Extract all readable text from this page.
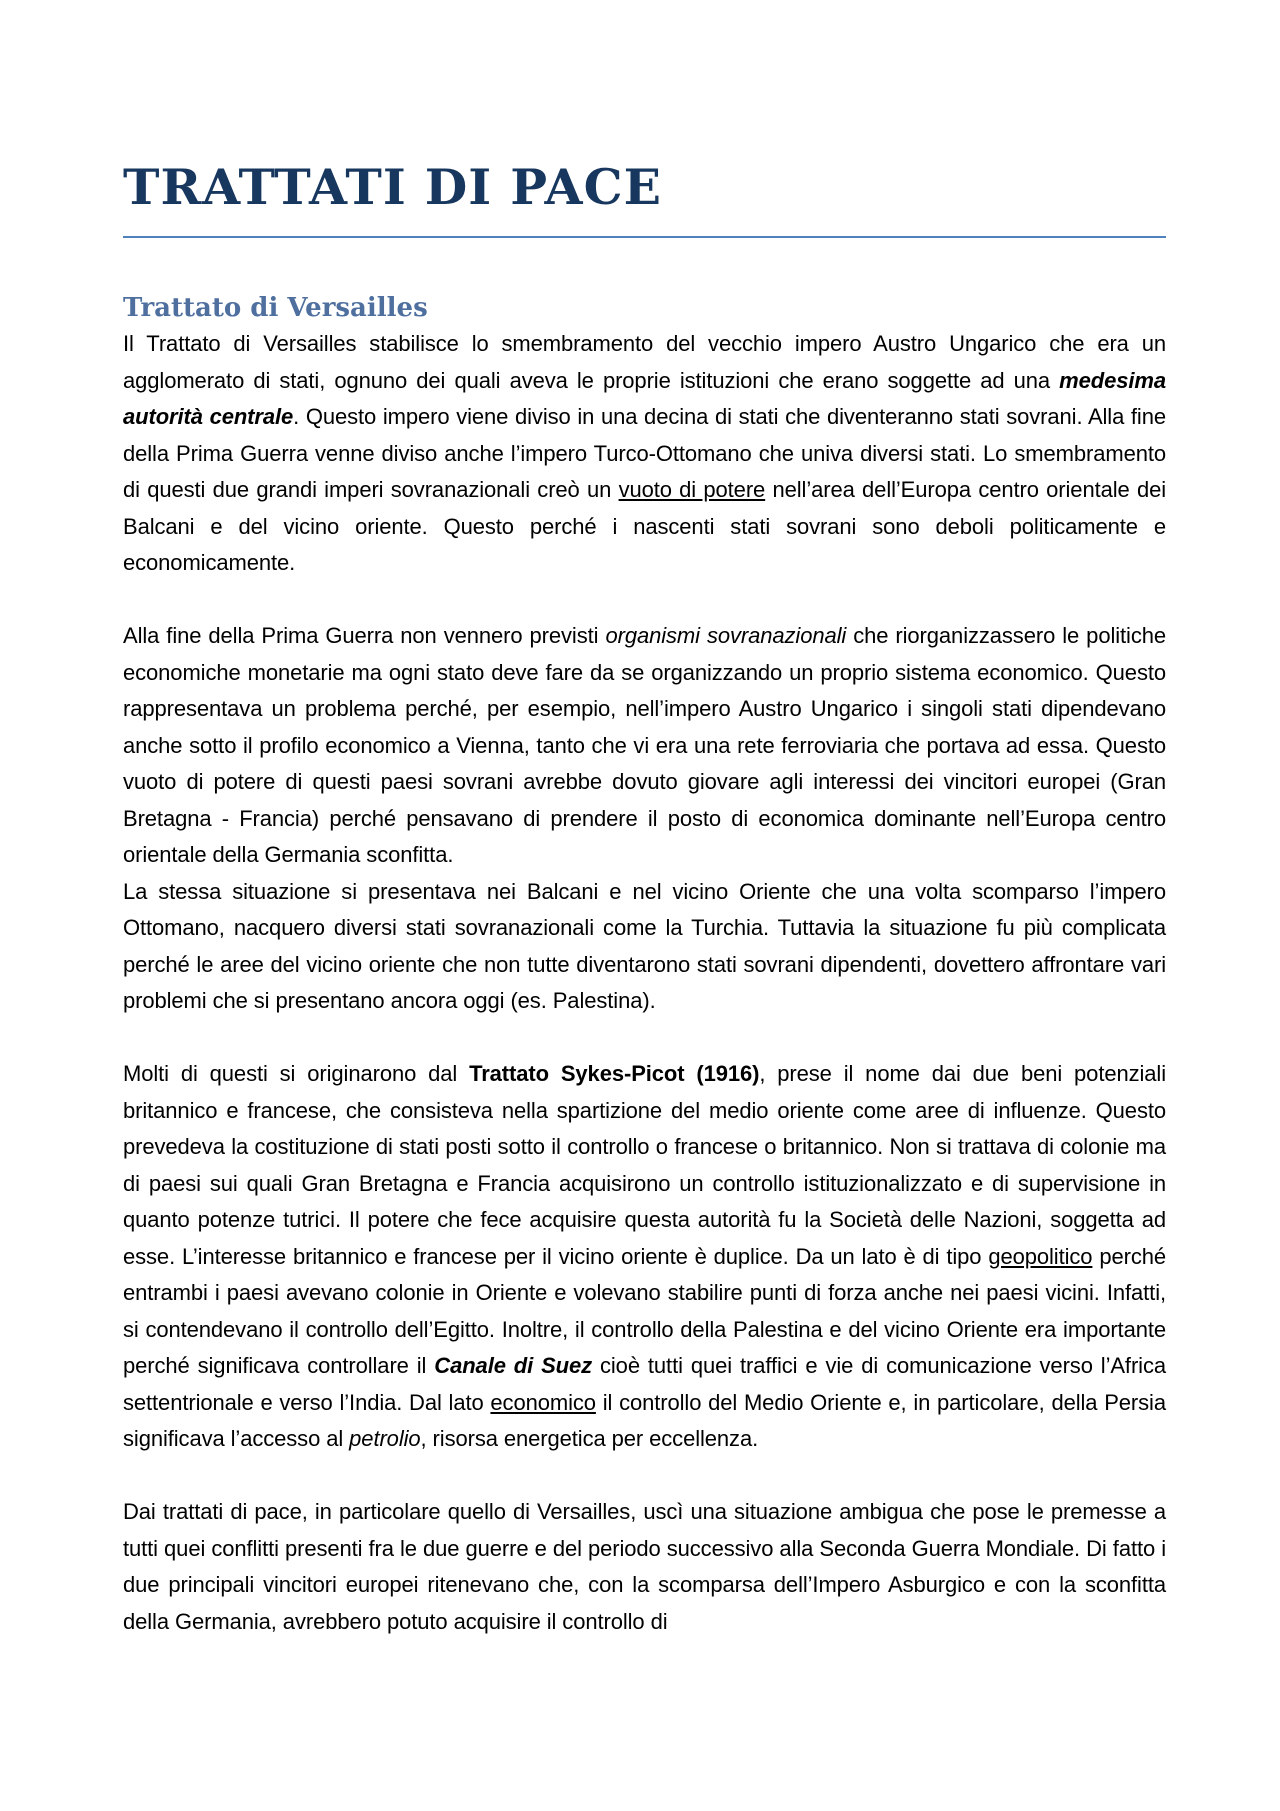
TRATTATI DI PACE
Trattato di Versailles

Il Trattato di Versailles stabilisce lo smembramento del vecchio impero Austro Ungarico che era un agglomerato di stati, ognuno dei quali aveva le proprie istituzioni che erano soggette ad una medesima autorità centrale. Questo impero viene diviso in una decina di stati che diventeranno stati sovrani. Alla fine della Prima Guerra venne diviso anche l’impero Turco-Ottomano che univa diversi stati. Lo smembramento di questi due grandi imperi sovranazionali creò un vuoto di potere nell’area dell’Europa centro orientale dei Balcani e del vicino oriente. Questo perché i nascenti stati sovrani sono deboli politicamente e economicamente.

Alla fine della Prima Guerra non vennero previsti organismi sovranazionali che riorganizzassero le politiche economiche monetarie ma ogni stato deve fare da se organizzando un proprio sistema economico. Questo rappresentava un problema perché, per esempio, nell’impero Austro Ungarico i singoli stati dipendevano anche sotto il profilo economico a Vienna, tanto che vi era una rete ferroviaria che portava ad essa. Questo vuoto di potere di questi paesi sovrani avrebbe dovuto giovare agli interessi dei vincitori europei (Gran Bretagna - Francia) perché pensavano di prendere il posto di economica dominante nell’Europa centro orientale della Germania sconfitta.

La stessa situazione si presentava nei Balcani e nel vicino Oriente che una volta scomparso l’impero Ottomano, nacquero diversi stati sovranazionali come la Turchia. Tuttavia la situazione fu più complicata perché le aree del vicino oriente che non tutte diventarono stati sovrani dipendenti, dovettero affrontare vari problemi che si presentano ancora oggi (es. Palestina).

Molti di questi si originarono dal Trattato Sykes-Picot (1916), prese il nome dai due beni potenziali britannico e francese, che consisteva nella spartizione del medio oriente come aree di influenze. Questo prevedeva la costituzione di stati posti sotto il controllo o francese o britannico. Non si trattava di colonie ma di paesi sui quali Gran Bretagna e Francia acquisirono un controllo istituzionalizzato e di supervisione in quanto potenze tutrici. Il potere che fece acquisire questa autorità fu la Società delle Nazioni, soggetta ad esse. L’interesse britannico e francese per il vicino oriente è duplice. Da un lato è di tipo geopolitico perché entrambi i paesi avevano colonie in Oriente e volevano stabilire punti di forza anche nei paesi vicini. Infatti, si contendevano il controllo dell’Egitto. Inoltre, il controllo della Palestina e del vicino Oriente era importante perché significava controllare il Canale di Suez cioè tutti quei traffici e vie di comunicazione verso l’Africa settentrionale e verso l’India. Dal lato economico il controllo del Medio Oriente e, in particolare, della Persia significava l’accesso al petrolio, risorsa energetica per eccellenza.

Dai trattati di pace, in particolare quello di Versailles, uscì una situazione ambigua che pose le premesse a tutti quei conflitti presenti fra le due guerre e del periodo successivo alla Seconda Guerra Mondiale. Di fatto i due principali vincitori europei ritenevano che, con la scomparsa dell’Impero Asburgico e con la sconfitta della Germania, avrebbero potuto acquisire il controllo di
